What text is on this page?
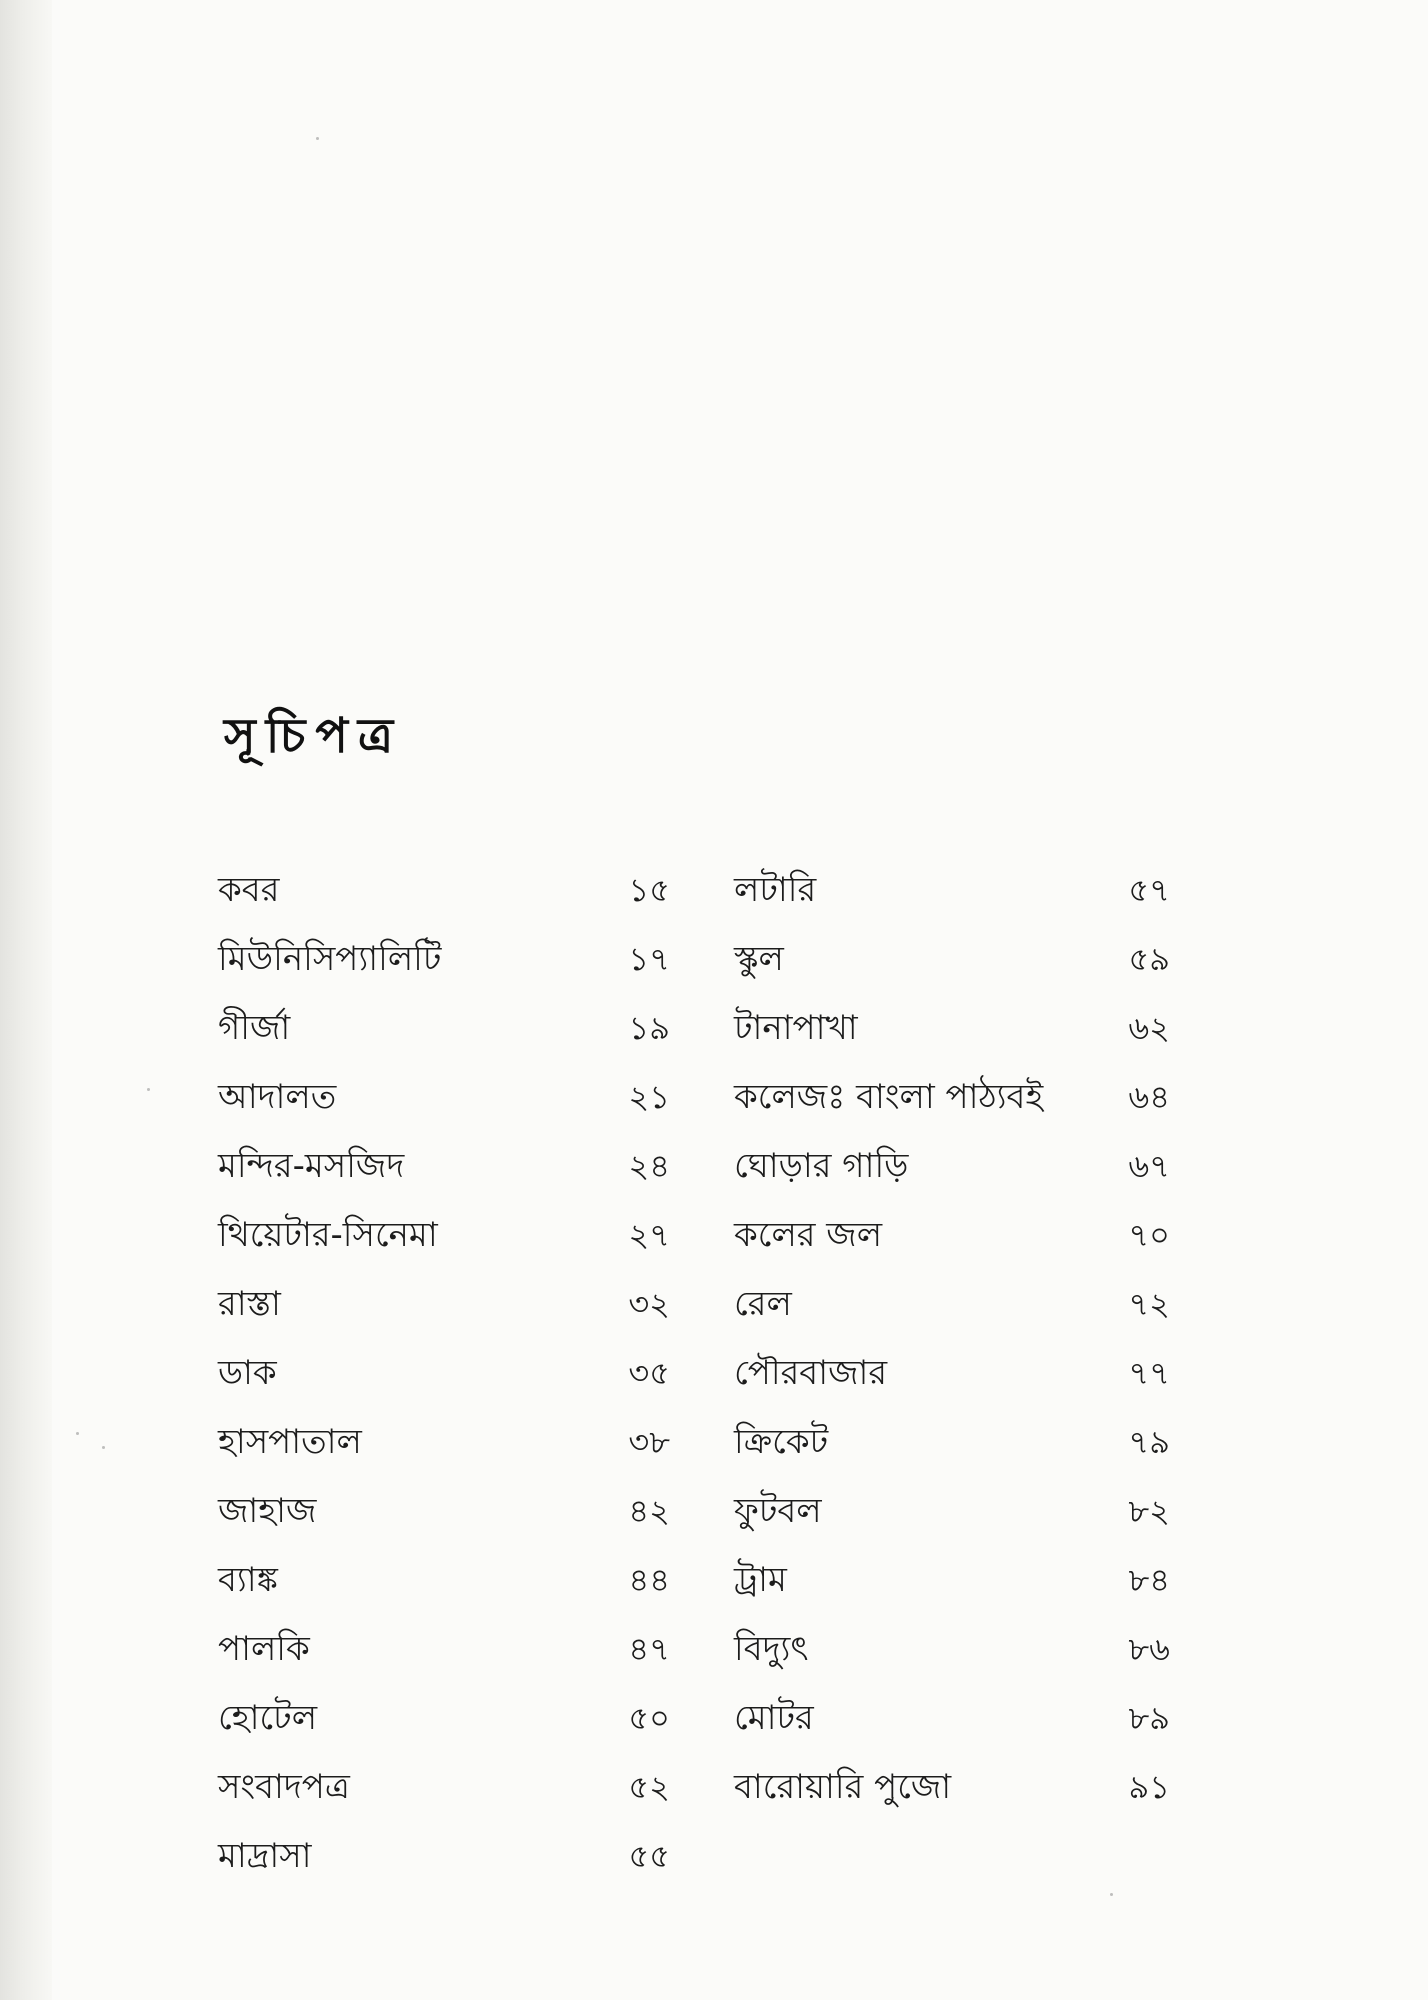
সূচিপত্র
কবর	১৫
মিউনিসিপ্যালিটি	১৭
গীর্জা	১৯
আদালত	২১
মন্দির-মসজিদ	২৪
থিয়েটার-সিনেমা	২৭
রাস্তা	৩২
ডাক	৩৫
হাসপাতাল	৩৮
জাহাজ	৪২
ব্যাঙ্ক	৪৪
পালকি	৪৭
হোটেল	৫০
সংবাদপত্র	৫২
মাদ্রাসা	৫৫
লটারি	৫৭
স্কুল	৫৯
টানাপাখা	৬২
কলেজঃ বাংলা পাঠ্যবই	৬৪
ঘোড়ার গাড়ি	৬৭
কলের জল	৭০
রেল	৭২
পৌরবাজার	৭৭
ক্রিকেট	৭৯
ফুটবল	৮২
ট্রাম	৮৪
বিদ্যুৎ	৮৬
মোটর	৮৯
বারোয়ারি পুজো	৯১
